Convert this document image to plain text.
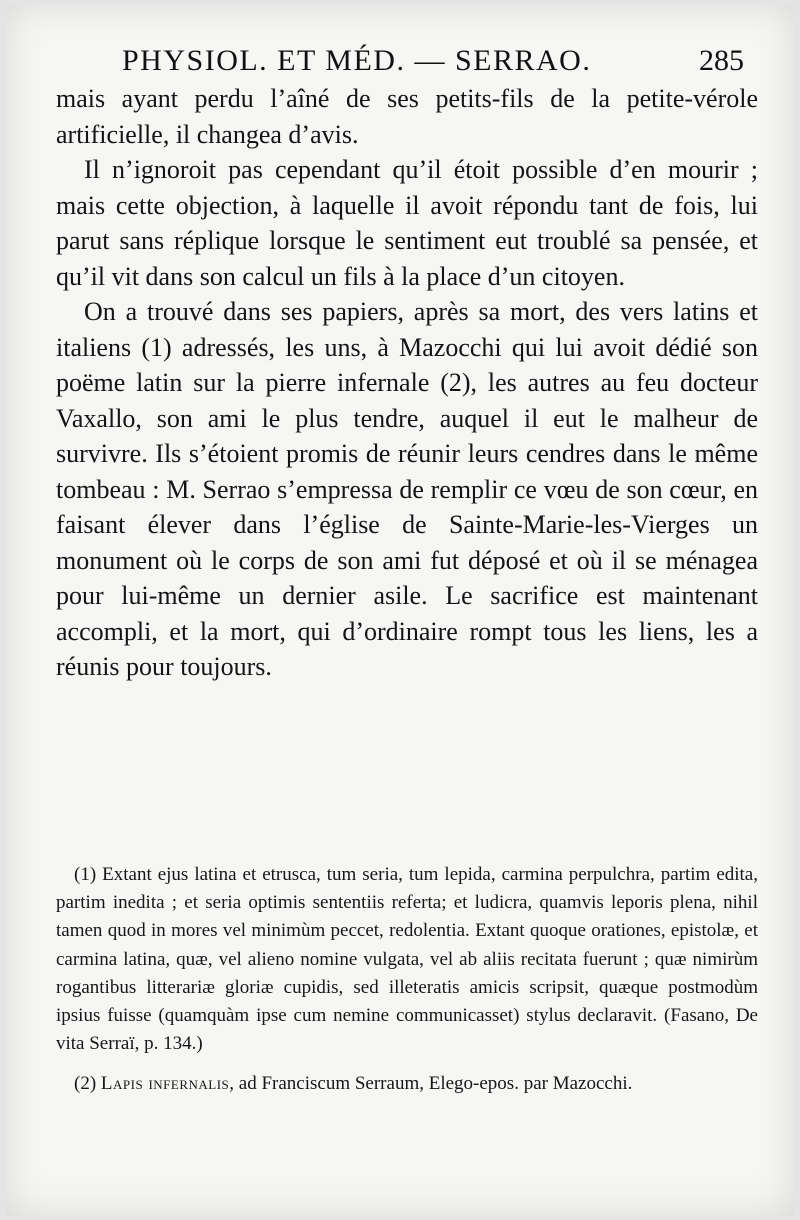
PHYSIOL. ET MÉD. — SERRAO.	285

mais ayant perdu l’aîné de ses petits-fils de la petite-vérole artificielle, il changea d’avis.

Il n’ignoroit pas cependant qu’il étoit possible d’en mourir ; mais cette objection, à laquelle il avoit répondu tant de fois, lui parut sans réplique lorsque le sentiment eut troublé sa pensée, et qu’il vit dans son calcul un fils à la place d’un citoyen.

On a trouvé dans ses papiers, après sa mort, des vers latins et italiens (1) adressés, les uns, à Mazocchi qui lui avoit dédié son poëme latin sur la pierre infernale (2), les autres au feu docteur Vaxallo, son ami le plus tendre, auquel il eut le malheur de survivre. Ils s’étoient promis de réunir leurs cendres dans le même tombeau : M. Serrao s’empressa de remplir ce vœu de son cœur, en faisant élever dans l’église de Sainte-Marie-les-Vierges un monument où le corps de son ami fut déposé et où il se ménagea pour lui-même un dernier asile. Le sacrifice est maintenant accompli, et la mort, qui d’ordinaire rompt tous les liens, les a réunis pour toujours.

(1) Extant ejus latina et etrusca, tum seria, tum lepida, carmina perpulchra, partim edita, partim inedita ; et seria optimis sententiis referta; et ludicra, quamvis leporis plena, nihil tamen quod in mores vel minimùm peccet, redolentia. Extant quoque orationes, epistolæ, et carmina latina, quæ, vel alieno nomine vulgata, vel ab aliis recitata fuerunt ; quæ nimirùm rogantibus litterariæ gloriæ cupidis, sed illeteratis amicis scripsit, quæque postmodùm ipsius fuisse (quamquàm ipse cum nemine communicasset) stylus declaravit. (Fasano, De vita Serraï, p. 134.)

(2) Lapis infernalis, ad Franciscum Serraum, Elego-epos. par Mazocchi.
